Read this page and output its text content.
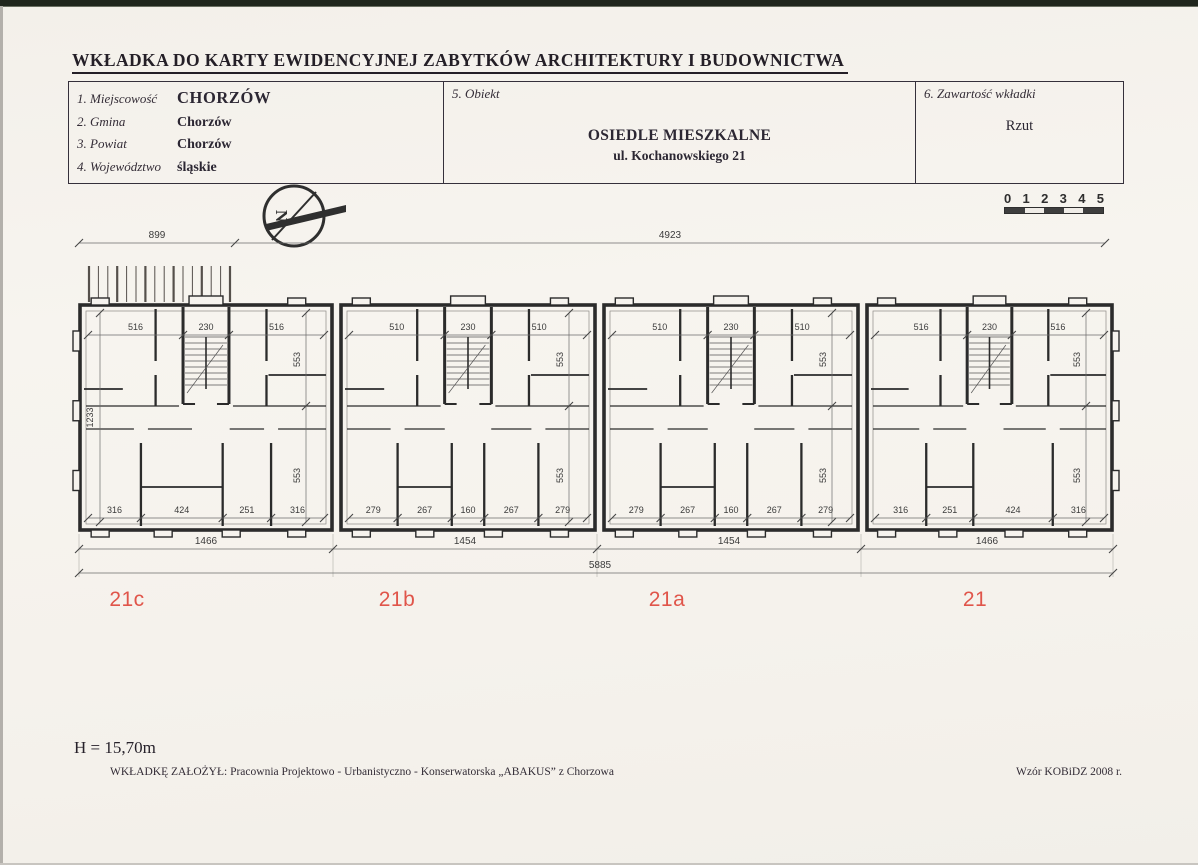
WKŁADKA DO KARTY EWIDENCYJNEJ ZABYTKÓW ARCHITEKTURY I BUDOWNICTWA
1. Miejscowość	CHORZÓW
2. Gmina	Chorzów
3. Powiat	Chorzów
4. Województwo	śląskie
5. Obiekt
OSIEDLE MIESZKALNE
ul. Kochanowskiego 21
6. Zawartość wkładki
Rzut
N
0 1 2 3 4 5
899	4923
516	230	516
553
553
1233
316	424	251	316
510	230	510
553
553
279	267	160	267	279
510	230	510
553
553
279	267	160	267	279
516	230	516
553
553
316	251	424	316
1466	1454	1454	1466
5885
21c	21b	21a	21
H = 15,70m
WKŁADKĘ ZAŁOŻYŁ: Pracownia Projektowo - Urbanistyczno - Konserwatorska „ABAKUS” z Chorzowa	Wzór KOBiDZ 2008 r.
